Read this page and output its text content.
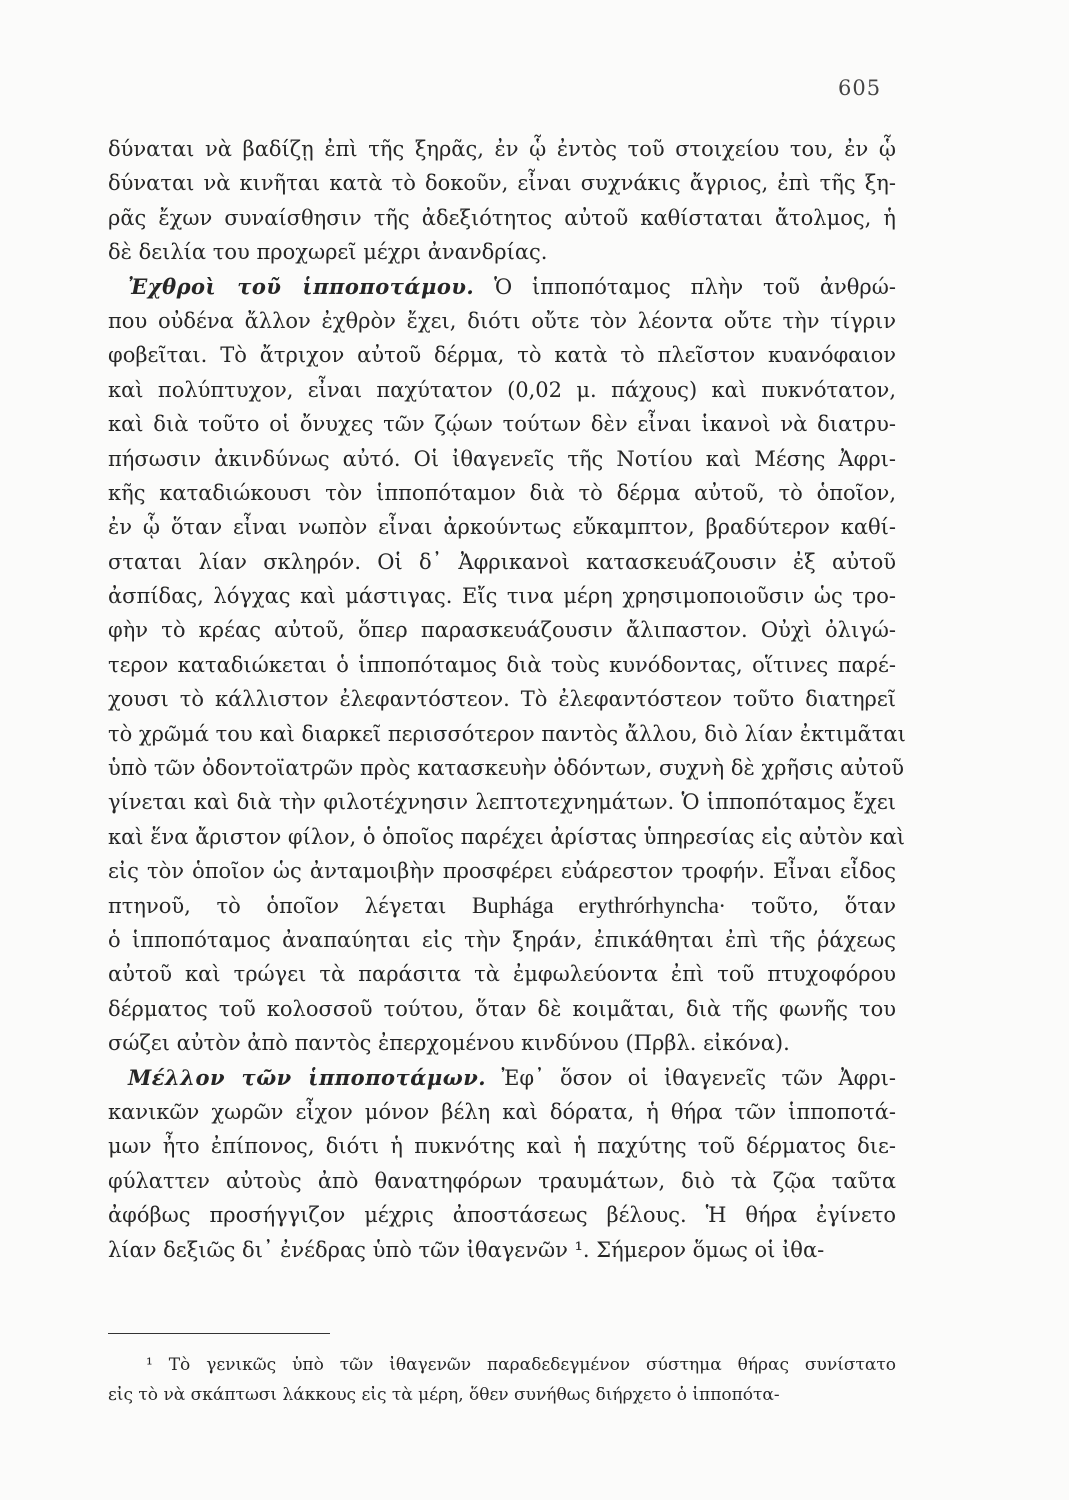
605
δύναται νὰ βαδίζῃ ἐπὶ τῆς ξηρᾶς, ἐν ᾧ ἐντὸς τοῦ στοιχείου του, ἐν ᾧ
δύναται νὰ κινῆται κατὰ τὸ δοκοῦν, εἶναι συχνάκις ἄγριος, ἐπὶ τῆς ξη-
ρᾶς ἔχων συναίσθησιν τῆς ἀδεξιότητος αὐτοῦ καθίσταται ἄτολμος, ἡ
δὲ δειλία του προχωρεῖ μέχρι ἀνανδρίας.
Ἐχθροὶ τοῦ ἱπποποτάμου. Ὁ ἱπποπόταμος πλὴν τοῦ ἀνθρώ-
που οὐδένα ἄλλον ἐχθρὸν ἔχει, διότι οὔτε τὸν λέοντα οὔτε τὴν τίγριν
φοβεῖται. Τὸ ἄτριχον αὐτοῦ δέρμα, τὸ κατὰ τὸ πλεῖστον κυανόφαιον
καὶ πολύπτυχον, εἶναι παχύτατον (0,02 μ. πάχους) καὶ πυκνότατον,
καὶ διὰ τοῦτο οἱ ὄνυχες τῶν ζῴων τούτων δὲν εἶναι ἱκανοὶ νὰ διατρυ-
πήσωσιν ἀκινδύνως αὐτό. Οἱ ἰθαγενεῖς τῆς Νοτίου καὶ Μέσης Ἀφρι-
κῆς καταδιώκουσι τὸν ἱπποπόταμον διὰ τὸ δέρμα αὐτοῦ, τὸ ὁποῖον,
ἐν ᾧ ὅταν εἶναι νωπὸν εἶναι ἀρκούντως εὔκαμπτον, βραδύτερον καθί-
σταται λίαν σκληρόν. Οἱ δ᾽ Ἀφρικανοὶ κατασκευάζουσιν ἐξ αὐτοῦ
ἀσπίδας, λόγχας καὶ μάστιγας. Εἴς τινα μέρη χρησιμοποιοῦσιν ὡς τρο-
φὴν τὸ κρέας αὐτοῦ, ὅπερ παρασκευάζουσιν ἄλιπαστον. Οὐχὶ ὀλιγώ-
τερον καταδιώκεται ὁ ἱπποπόταμος διὰ τοὺς κυνόδοντας, οἵτινες παρέ-
χουσι τὸ κάλλιστον ἐλεφαντόστεον. Τὸ ἐλεφαντόστεον τοῦτο διατηρεῖ
τὸ χρῶμά του καὶ διαρκεῖ περισσότερον παντὸς ἄλλου, διὸ λίαν ἐκτιμᾶται
ὑπὸ τῶν ὀδοντοϊατρῶν πρὸς κατασκευὴν ὀδόντων, συχνὴ δὲ χρῆσις αὐτοῦ
γίνεται καὶ διὰ τὴν φιλοτέχνησιν λεπτοτεχνημάτων. Ὁ ἱπποπόταμος ἔχει
καὶ ἕνα ἄριστον φίλον, ὁ ὁποῖος παρέχει ἀρίστας ὑπηρεσίας εἰς αὐτὸν καὶ
εἰς τὸν ὁποῖον ὡς ἀνταμοιβὴν προσφέρει εὐάρεστον τροφήν. Εἶναι εἶδος
πτηνοῦ, τὸ ὁποῖον λέγεται Buphága erythrórhyncha· τοῦτο, ὅταν
ὁ ἱπποπόταμος ἀναπαύηται εἰς τὴν ξηράν, ἐπικάθηται ἐπὶ τῆς ῥάχεως
αὐτοῦ καὶ τρώγει τὰ παράσιτα τὰ ἐμφωλεύοντα ἐπὶ τοῦ πτυχοφόρου
δέρματος τοῦ κολοσσοῦ τούτου, ὅταν δὲ κοιμᾶται, διὰ τῆς φωνῆς του
σώζει αὐτὸν ἀπὸ παντὸς ἐπερχομένου κινδύνου (Πρβλ. εἰκόνα).
Μέλλον τῶν ἱπποποτάμων. Ἐφ᾽ ὅσον οἱ ἰθαγενεῖς τῶν Ἀφρι-
κανικῶν χωρῶν εἶχον μόνον βέλη καὶ δόρατα, ἡ θήρα τῶν ἱπποποτά-
μων ἦτο ἐπίπονος, διότι ἡ πυκνότης καὶ ἡ παχύτης τοῦ δέρματος διε-
φύλαττεν αὐτοὺς ἀπὸ θανατηφόρων τραυμάτων, διὸ τὰ ζῷα ταῦτα
ἀφόβως προσήγγιζον μέχρις ἀποστάσεως βέλους. Ἡ θήρα ἐγίνετο
λίαν δεξιῶς δι᾽ ἐνέδρας ὑπὸ τῶν ἰθαγενῶν ¹. Σήμερον ὅμως οἱ ἰθα-
¹ Τὸ γενικῶς ὑπὸ τῶν ἰθαγενῶν παραδεδεγμένον σύστημα θήρας συνίστατο
εἰς τὸ νὰ σκάπτωσι λάκκους εἰς τὰ μέρη, ὅθεν συνήθως διήρχετο ὁ ἱπποπότα-
